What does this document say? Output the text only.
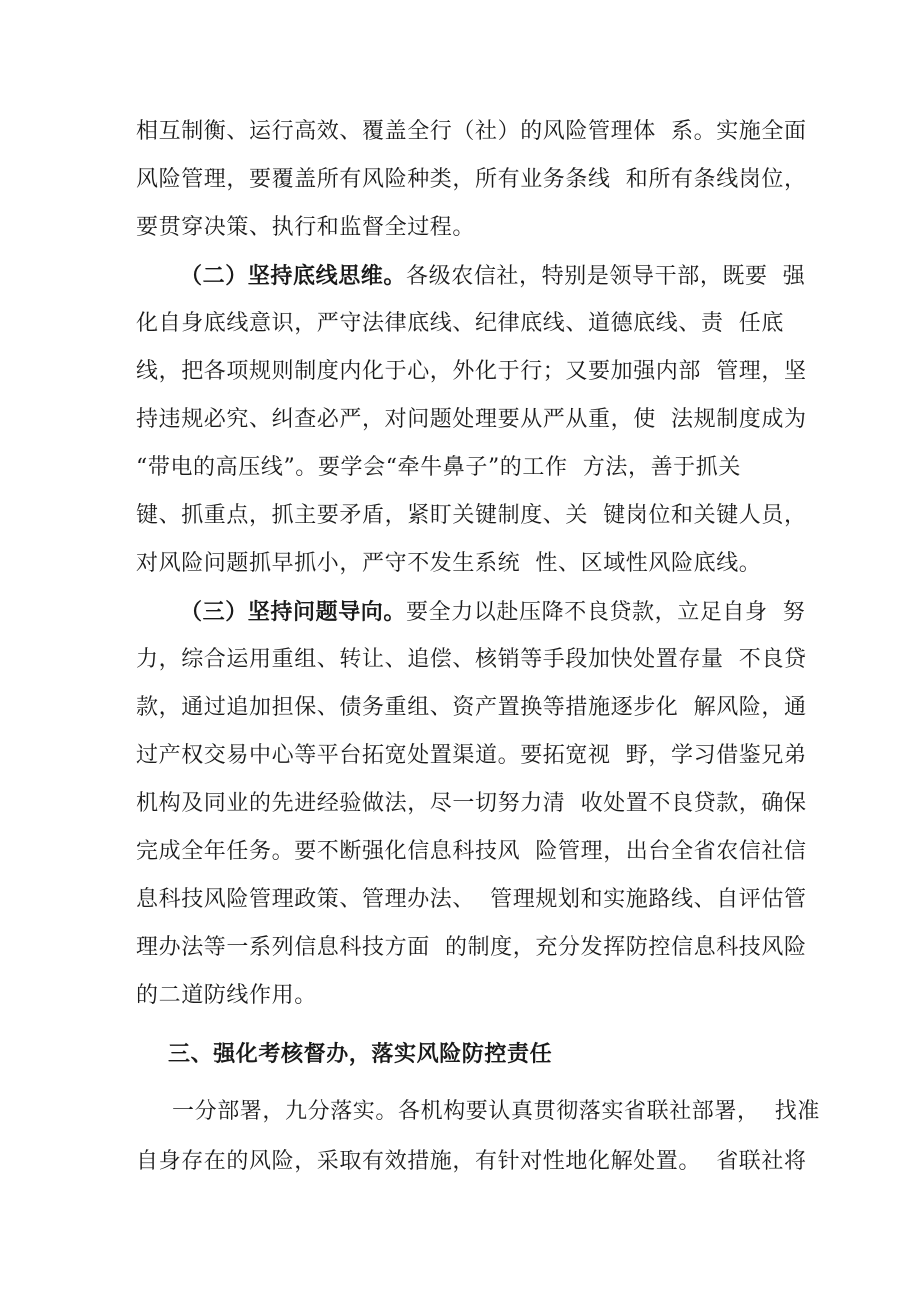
相互制衡、运行高效、覆盖全行（社）的风险管理体  系。实施全面
风险管理，要覆盖所有风险种类，所有业务条线  和所有条线岗位，
要贯穿决策、执行和监督全过程。
（二）坚持底线思维。各级农信社，特别是领导干部，既要  强
化自身底线意识，严守法律底线、纪律底线、道德底线、责  任底
线，把各项规则制度内化于心，外化于行；又要加强内部  管理，坚
持违规必究、纠查必严，对问题处理要从严从重，使  法规制度成为
“带电的高压线”。要学会“牵牛鼻子”的工作  方法，善于抓关
键、抓重点，抓主要矛盾，紧盯关键制度、关  键岗位和关键人员，
对风险问题抓早抓小，严守不发生系统  性、区域性风险底线。
（三）坚持问题导向。要全力以赴压降不良贷款，立足自身  努
力，综合运用重组、转让、追偿、核销等手段加快处置存量  不良贷
款，通过追加担保、债务重组、资产置换等措施逐步化  解风险，通
过产权交易中心等平台拓宽处置渠道。要拓宽视  野，学习借鉴兄弟
机构及同业的先进经验做法，尽一切努力清  收处置不良贷款，确保
完成全年任务。要不断强化信息科技风  险管理，出台全省农信社信
息科技风险管理政策、管理办法、  管理规划和实施路线、自评估管
理办法等一系列信息科技方面  的制度，充分发挥防控信息科技风险
的二道防线作用。
三、强化考核督办，落实风险防控责任
一分部署，九分落实。各机构要认真贯彻落实省联社部署，  找准
自身存在的风险，采取有效措施，有针对性地化解处置。  省联社将
